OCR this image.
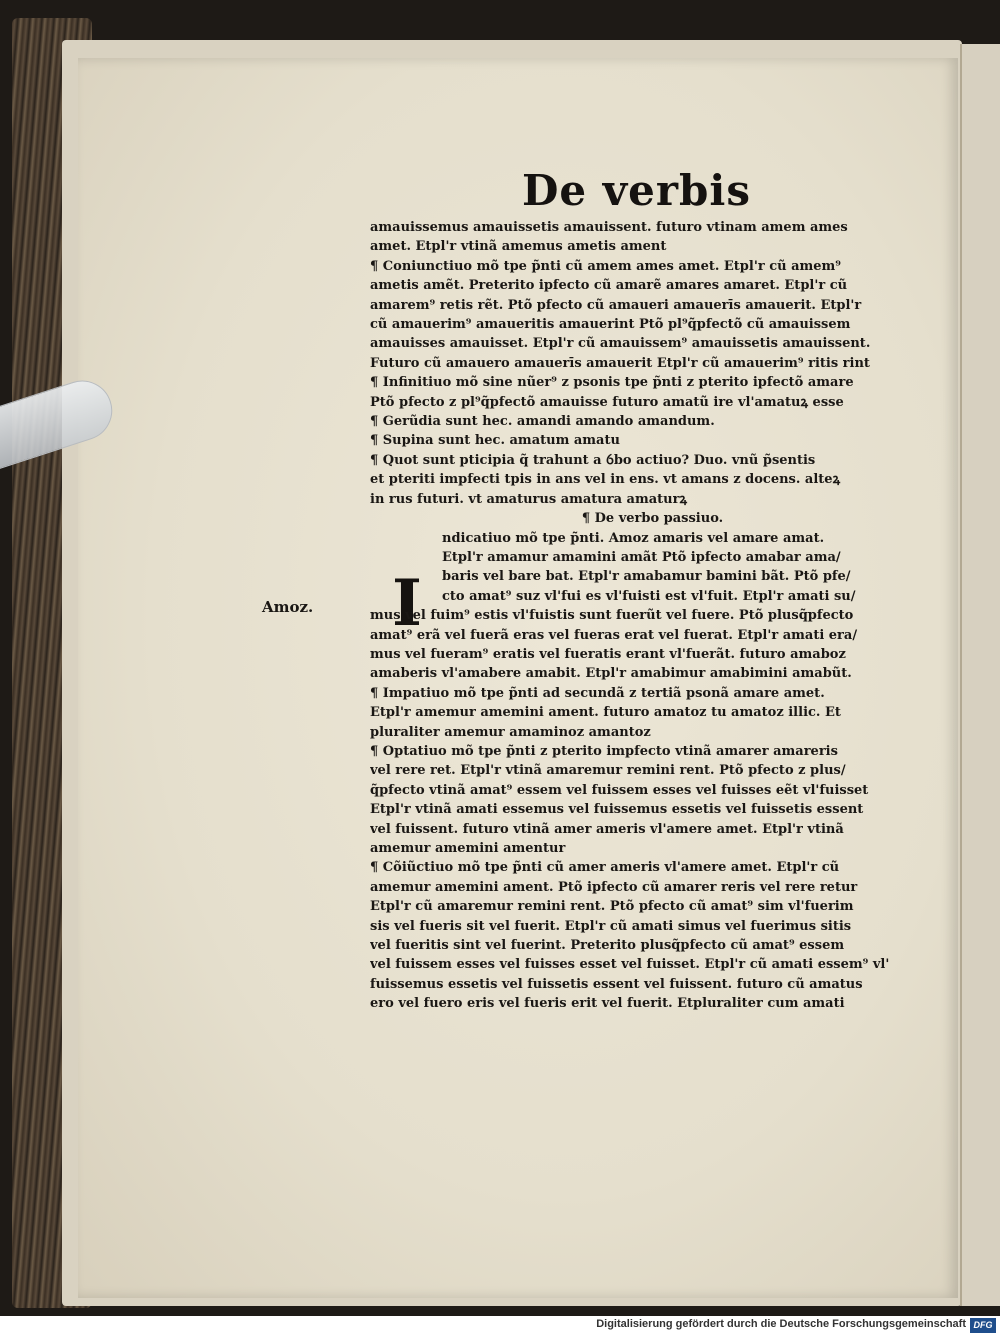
De verbis
Amoz. I
amauissemus amauissetis amauissent. futuro vtinam amem ames
amet. Etpl'r vtinã amemus ametis ament
¶ Coniunctiuo mõ tpe p̃nti cũ amem ames amet. Etpl'r cũ amem⁹
ametis amẽt. Preterito ipfecto cũ amarẽ amares amaret. Etpl'r cũ
amarem⁹ retis rẽt. Ptõ pfecto cũ amaueri amauerīs amauerit. Etpl'r
cũ amauerim⁹ amaueritis amauerint Ptõ pl⁹q̃pfectõ cũ amauissem
amauisses amauisset. Etpl'r cũ amauissem⁹ amauissetis amauissent.
Futuro cũ amauero amauerīs amauerit Etpl'r cũ amauerim⁹ ritis rint
¶ Infinitiuo mõ sine nũer⁹ z psonis tpe p̃nti z pterito ipfectõ amare
Ptõ pfecto z pl⁹q̃pfectõ amauisse futuro amatũ ire vl'amatuꝝ esse
¶ Gerũdia sunt hec. amandi amando amandum.
¶ Supina sunt hec. amatum amatu
¶ Quot sunt pticipia q̃ trahunt a ỽbo actiuo? Duo. vnũ p̃sentis
et pteriti impfecti tpis in ans vel in ens. vt amans z docens. alteꝝ
in rus futuri. vt amaturus amatura amaturꝝ
¶ De verbo passiuo.
ndicatiuo mõ tpe p̃nti. Amoz amaris vel amare amat.
Etpl'r amamur amamini amãt Ptõ ipfecto amabar ama/
baris vel bare bat. Etpl'r amabamur bamini bãt. Ptõ pfe/
cto amat⁹ suz vl'fui es vl'fuisti est vl'fuit. Etpl'r amati su/
mus vel fuim⁹ estis vl'fuistis sunt fuerũt vel fuere. Ptõ plusq̃pfecto
amat⁹ erã vel fuerã eras vel fueras erat vel fuerat. Etpl'r amati era/
mus vel fueram⁹ eratis vel fueratis erant vl'fuerãt. futuro amaboz
amaberis vl'amabere amabit. Etpl'r amabimur amabimini amabũt.
¶ Impatiuo mõ tpe p̃nti ad secundã z tertiã psonã amare amet.
Etpl'r amemur amemini ament. futuro amatoz tu amatoz illic. Et
pluraliter amemur amaminoz amantoz
¶ Optatiuo mõ tpe p̃nti z pterito impfecto vtinã amarer amareris
vel rere ret. Etpl'r vtinã amaremur remini rent. Ptõ pfecto z plus/
q̃pfecto vtinã amat⁹ essem vel fuissem esses vel fuisses eẽt vl'fuisset
Etpl'r vtinã amati essemus vel fuissemus essetis vel fuissetis essent
vel fuissent. futuro vtinã amer ameris vl'amere amet. Etpl'r vtinã
amemur amemini amentur
¶ Cõiũctiuo mõ tpe p̃nti cũ amer ameris vl'amere amet. Etpl'r cũ
amemur amemini ament. Ptõ ipfecto cũ amarer reris vel rere retur
Etpl'r cũ amaremur remini rent. Ptõ pfecto cũ amat⁹ sim vl'fuerim
sis vel fueris sit vel fuerit. Etpl'r cũ amati simus vel fuerimus sitis
vel fueritis sint vel fuerint. Preterito plusq̃pfecto cũ amat⁹ essem
vel fuissem esses vel fuisses esset vel fuisset. Etpl'r cũ amati essem⁹ vl'
fuissemus essetis vel fuissetis essent vel fuissent. futuro cũ amatus
ero vel fuero eris vel fueris erit vel fuerit. Etpluraliter cum amati
Digitalisierung gefördert durch die Deutsche Forschungsgemeinschaft DFG
